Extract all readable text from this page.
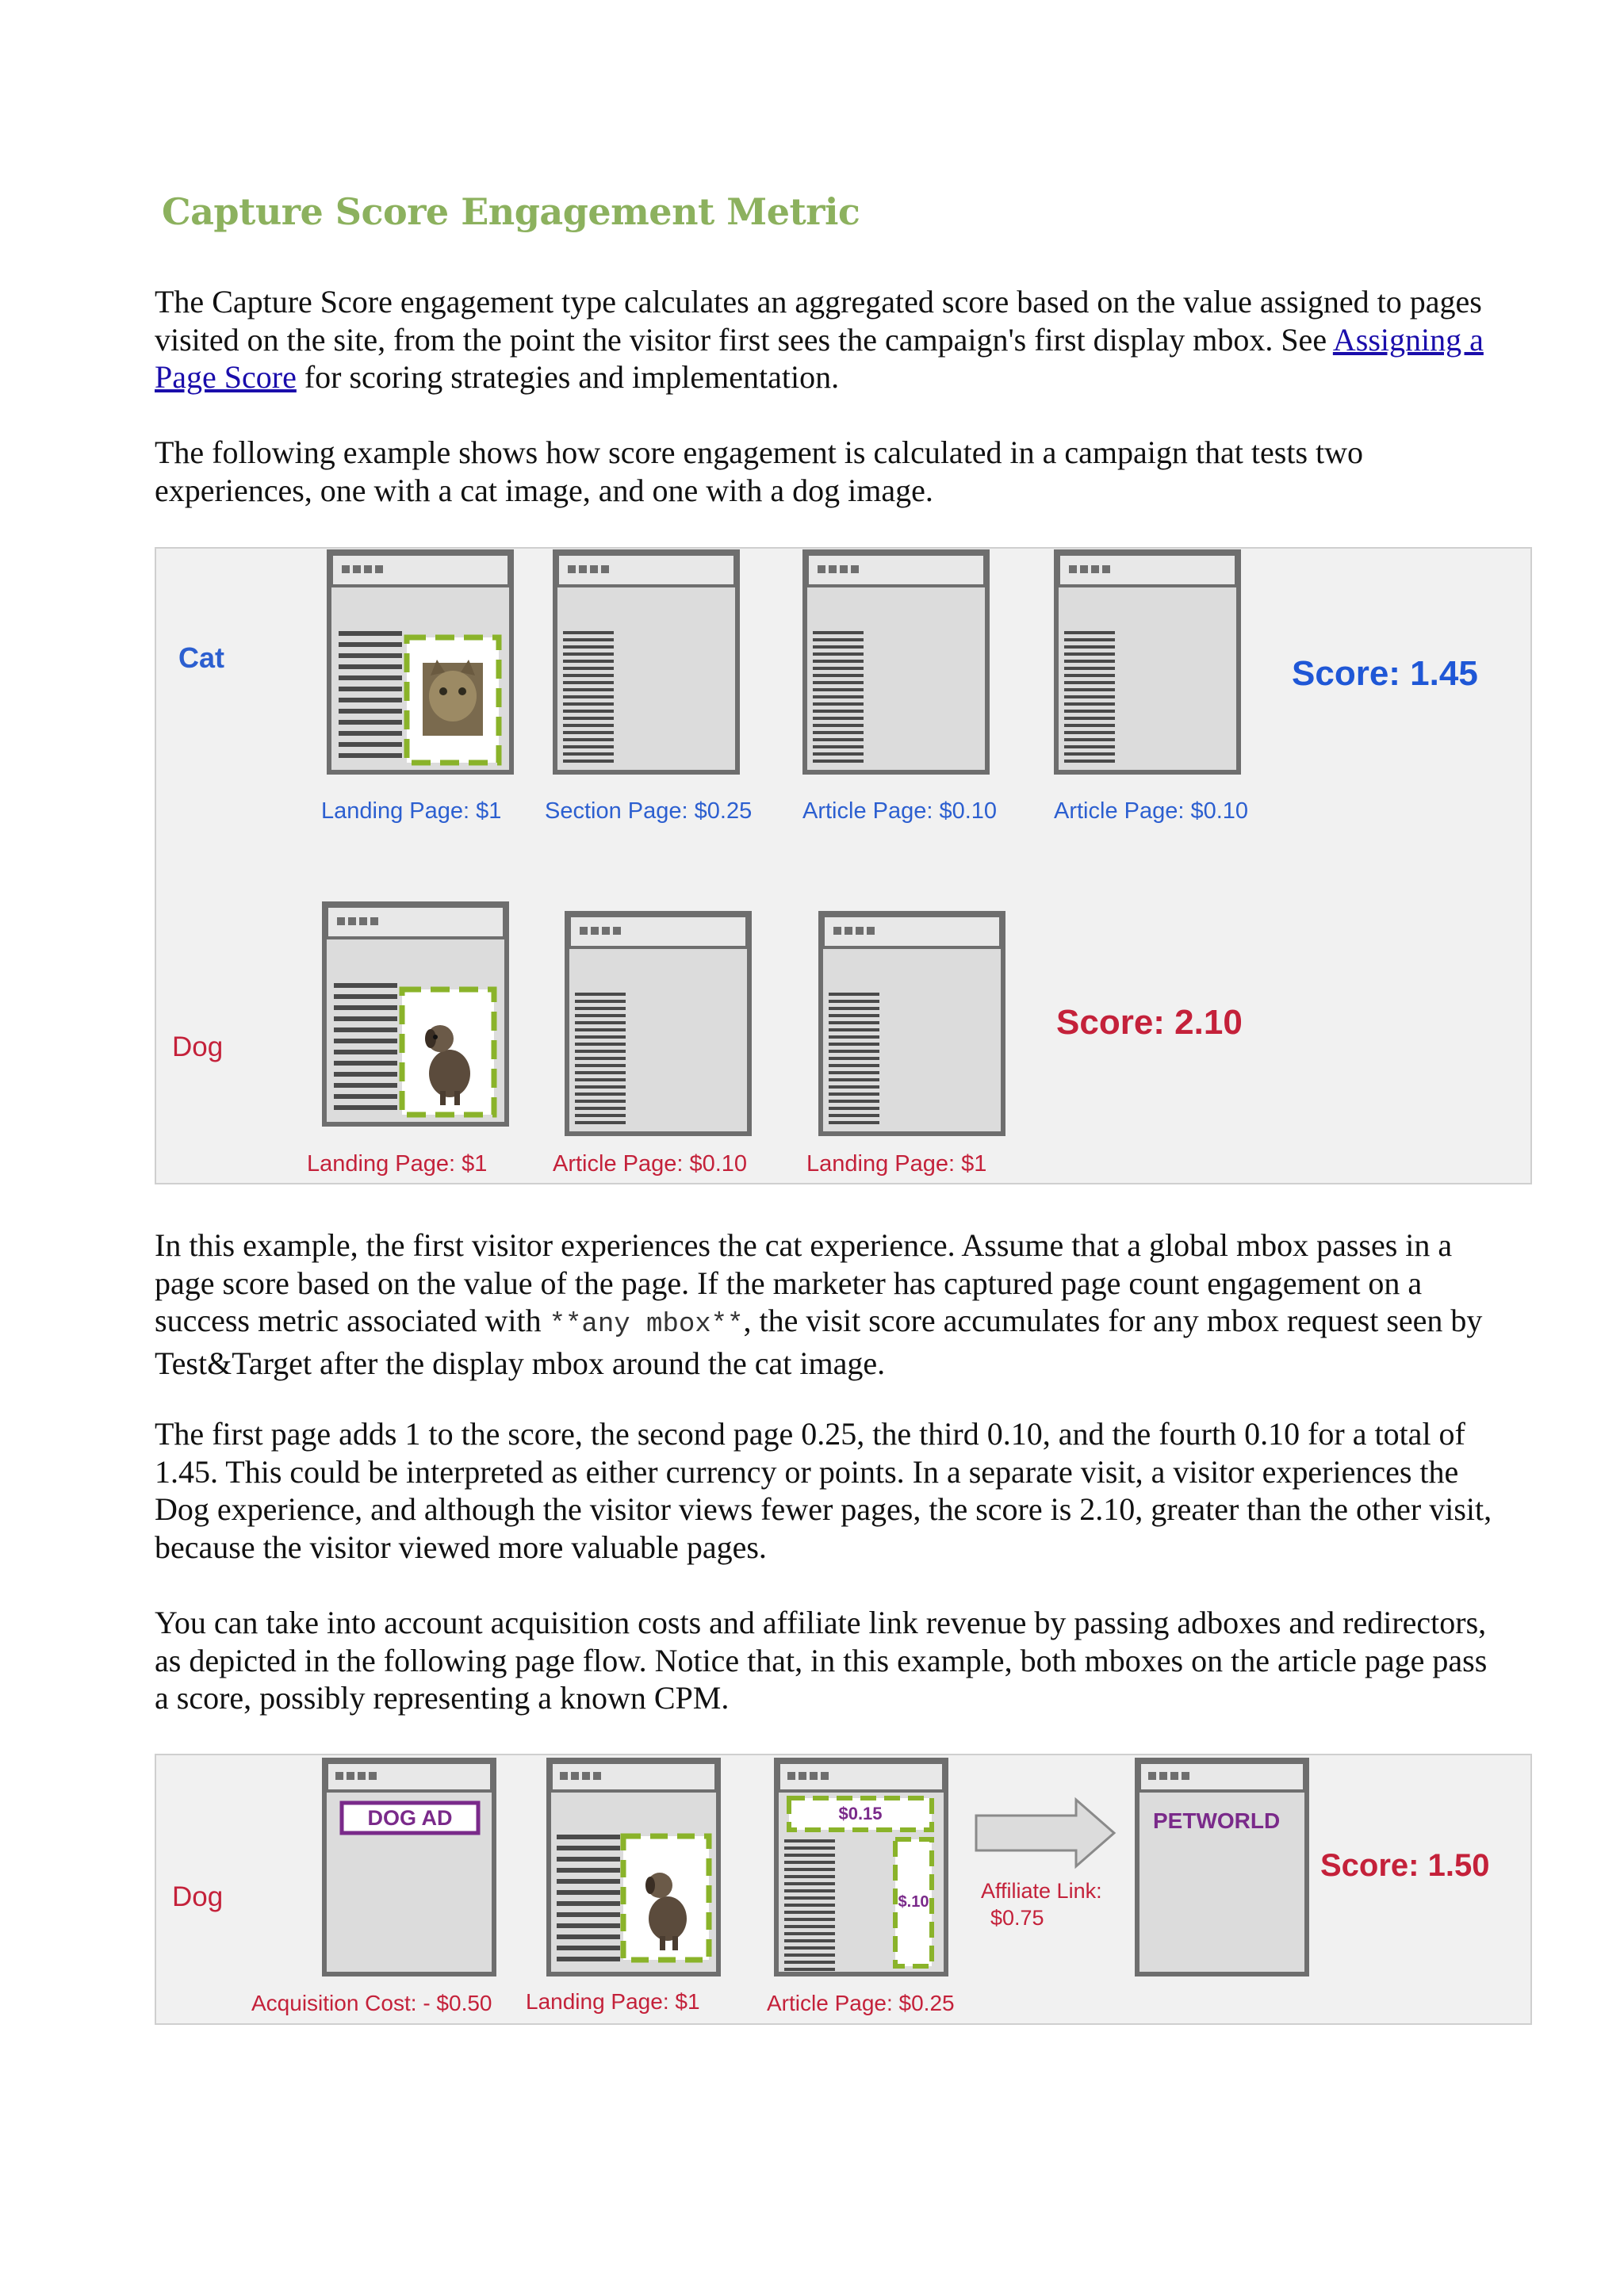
Capture Score Engagement Metric

The Capture Score engagement type calculates an aggregated score based on the value assigned to pages visited on the site, from the point the visitor first sees the campaign's first display mbox. See Assigning a Page Score for scoring strategies and implementation.

The following example shows how score engagement is calculated in a campaign that tests two experiences, one with a cat image, and one with a dog image.

Cat
Landing Page: $1 Section Page: $0.25 Article Page: $0.10 Article Page: $0.10
Score: 1.45
Dog
Landing Page: $1	Article Page: $0.10	Landing Page: $1
Score: 2.10

In this example, the first visitor experiences the cat experience. Assume that a global mbox passes in a page score based on the value of the page. If the marketer has captured page count engagement on a success metric associated with **any mbox**, the visit score accumulates for any mbox request seen by Test&Target after the display mbox around the cat image.

The first page adds 1 to the score, the second page 0.25, the third 0.10, and the fourth 0.10 for a total of 1.45. This could be interpreted as either currency or points. In a separate visit, a visitor experiences the Dog experience, and although the visitor views fewer pages, the score is 2.10, greater than the other visit, because the visitor viewed more valuable pages.

You can take into account acquisition costs and affiliate link revenue by passing adboxes and redirectors, as depicted in the following page flow. Notice that, in this example, both mboxes on the article page pass a score, possibly representing a known CPM.

Dog
DOG AD
Acquisition Cost: - $0.50 Landing Page: $1
$0.15
$.10
Article Page: $0.25
Affiliate Link:
$0.75
PETWORLD
Score: 1.50
